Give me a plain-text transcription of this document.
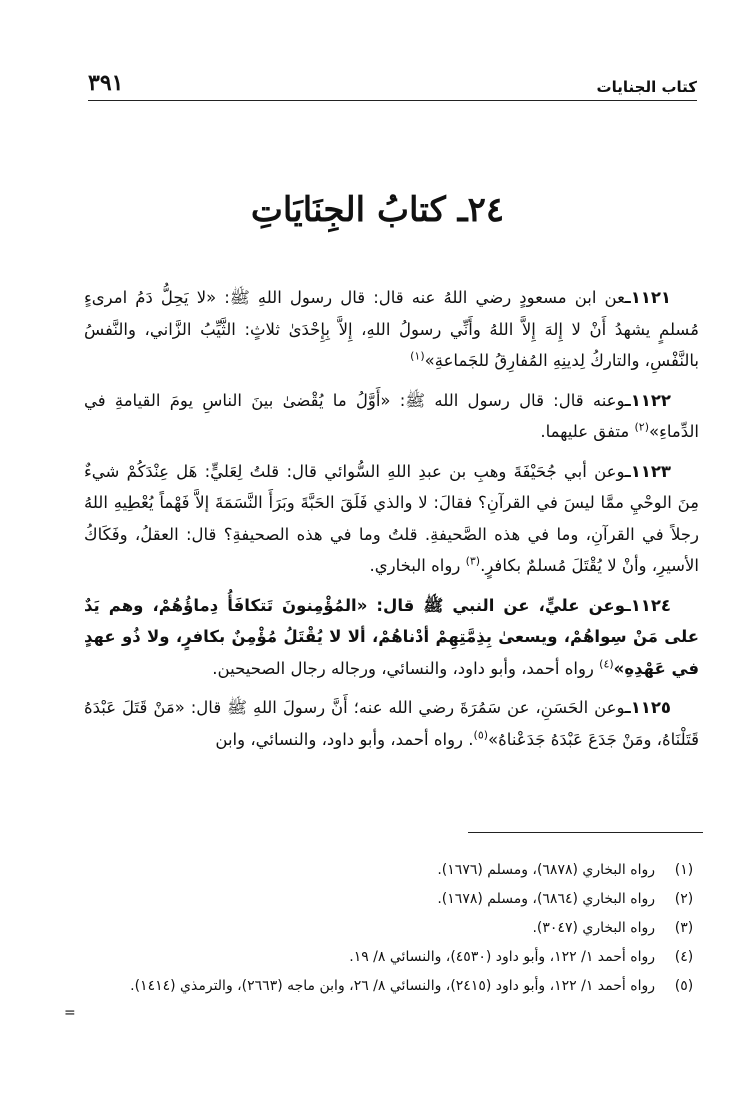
كتاب الجنايات
٣٩١
٢٤ـ كتابُ الجِنَايَاتِ

١١٢١ـعن ابن مسعودٍ رضي اللهُ عنه قال: قال رسول اللهِ ﷺ: «لا يَحِلُّ دَمُ امرىءٍ مُسلمٍ يشهدُ أَنْ لا إِلهَ إِلاَّ اللهُ وأَنِّي رسولُ اللهِ، إِلاَّ بِإِحْدَىٰ ثلاثٍ: الثَّيِّبُ الزَّاني، والنَّفسُ بالنَّفْسِ، والتاركُ لِدينِهِ المُفارِقُ للجَماعةِ»$^{(١)}$

١١٢٢ـوعنه قال: قال رسول الله ﷺ: «أَوَّلُ ما يُقْضىٰ بينَ الناسِ يومَ القيامةِ في الدِّماءِ»$^{(٢)}$ متفق عليهما.

١١٢٣ـوعن أبي جُحَيْفَةَ وهبِ بن عبدِ اللهِ السُّوائي قال: قلتُ لِعَليٍّ: هَل عِنْدَكُمْ شيءٌ مِنَ الوحْيِ ممَّا ليسَ في القرآنِ؟ فقالَ: لا والذي فَلَقَ الحَبَّةَ وبَرَأَ النَّسَمَةَ إلاَّ فَهْماً يُعْطِيهِ اللهُ رجلاً في القرآنِ، وما في هذه الصَّحيفةِ. قلتُ وما في هذه الصحيفةِ؟ قال: العقلُ، وفَكَاكُ الأسيرِ، وأنْ لا يُقْتَلَ مُسلمٌ بكافرٍ.$^{(٣)}$ رواه البخاري.

١١٢٤ـوعن عليٍّ، عن النبي ﷺ قال: «المُؤْمِنونَ تَتكافَأُ دِماؤُهُمْ، وهم يَدٌ على مَنْ سِواهُمْ، ويسعىٰ بِذِمَّتِهِمْ أدْناهُمْ، ألا لا يُقْتَلُ مُؤْمِنٌ بكافرٍ، ولا ذُو عهدٍ في عَهْدِهِ»$^{(٤)}$ رواه أحمد، وأبو داود، والنسائي، ورجاله رجال الصحيحين.

١١٢٥ـوعن الحَسَنِ، عن سَمُرَةَ رضي الله عنه؛ أَنَّ رسولَ اللهِ ﷺ قال: «مَنْ قَتَلَ عَبْدَهُ قَتَلْنَاهُ، ومَنْ جَدَعَ عَبْدَهُ جَدَعْناهُ»$^{(٥)}$. رواه أحمد، وأبو داود، والنسائي، وابن

(١)
رواه البخاري (٦٨٧٨)، ومسلم (١٦٧٦).
(٢)
رواه البخاري (٦٨٦٤)، ومسلم (١٦٧٨).
(٣)
رواه البخاري (٣٠٤٧).
(٤)
رواه أحمد ١/ ١٢٢، وأبو داود (٤٥٣٠)، والنسائي ٨/ ١٩.
(٥)
رواه أحمد ١/ ١٢٢، وأبو داود (٢٤١٥)، والنسائي ٨/ ٢٦، وابن ماجه (٢٦٦٣)، والترمذي (١٤١٤).
=
